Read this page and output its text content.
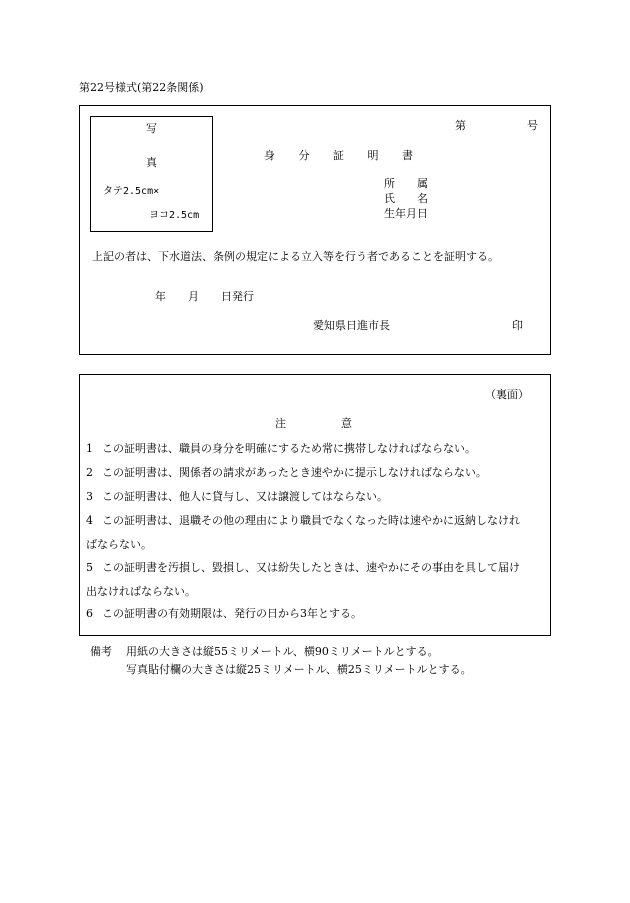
第22号様式(第22条関係)
写
真
タテ2.5cm×
ヨコ2.5cm
第	号
身 分 証 明 書
所　　属
氏　　名
生年月日
上記の者は、下水道法、条例の規定による立入等を行う者であることを証明する。
年　　月　　日発行
愛知県日進市長	印
（裏面）
注　　　　　意
1 この証明書は、職員の身分を明確にするため常に携帯しなければならない。
2 この証明書は、関係者の請求があったとき速やかに提示しなければならない。
3 この証明書は、他人に貸与し、又は譲渡してはならない。
4 この証明書は、退職その他の理由により職員でなくなった時は速やかに返納しなけれ
ばならない。
5 この証明書を汚損し、毀損し、又は紛失したときは、速やかにその事由を具して届け
出なければならない。
6 この証明書の有効期限は、発行の日から3年とする。
備考 用紙の大きさは縦55ミリメートル、横90ミリメートルとする。
写真貼付欄の大きさは縦25ミリメートル、横25ミリメートルとする。
